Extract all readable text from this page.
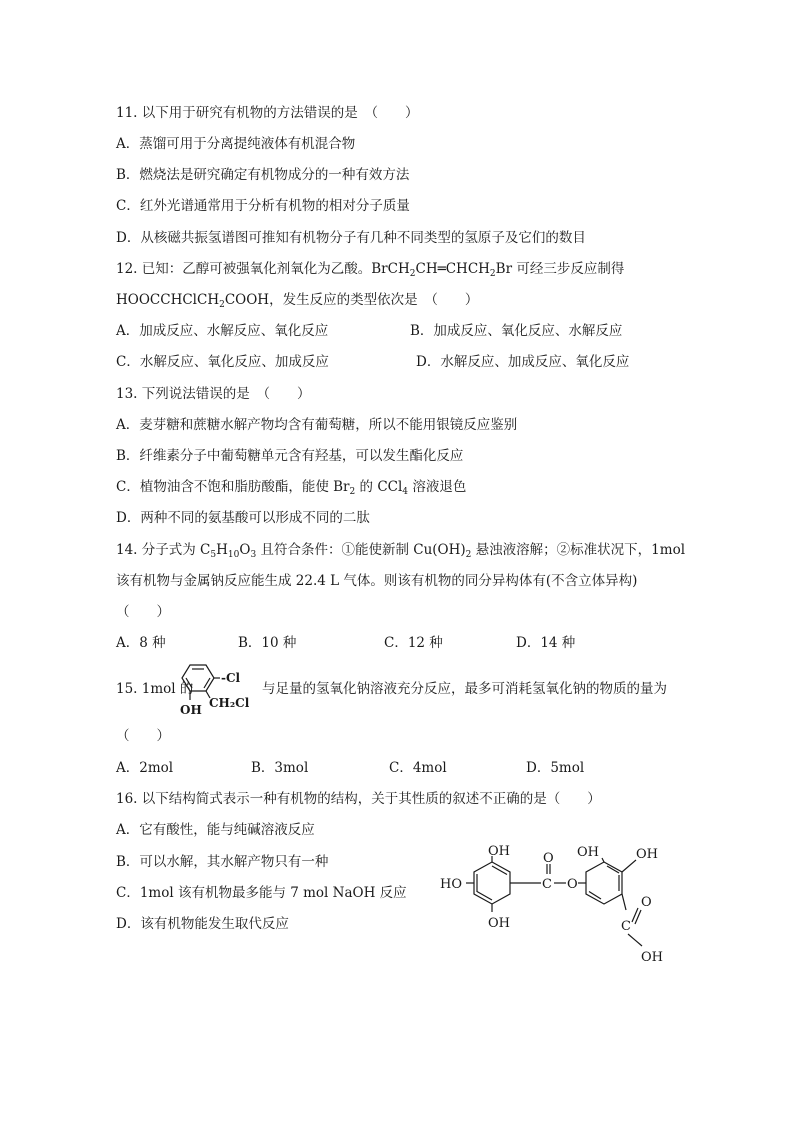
11. 以下用于研究有机物的方法错误的是　（　　）
A．蒸馏可用于分离提纯液体有机混合物
B．燃烧法是研究确定有机物成分的一种有效方法
C．红外光谱通常用于分析有机物的相对分子质量
D．从核磁共振氢谱图可推知有机物分子有几种不同类型的氢原子及它们的数目
12. 已知：乙醇可被强氧化剂氧化为乙酸。$BrCH_2CH═CHCH_2Br$ 可经三步反应制得
HOOCCHClCH$_2$COOH，发生反应的类型依次是　（　　）
A．加成反应、水解反应、氧化反应	B．加成反应、氧化反应、水解反应
C．水解反应、氧化反应、加成反应	D．水解反应、加成反应、氧化反应
13. 下列说法错误的是　（　　）
A．麦芽糖和蔗糖水解产物均含有葡萄糖，所以不能用银镜反应鉴别
B．纤维素分子中葡萄糖单元含有羟基，可以发生酯化反应
C．植物油含不饱和脂肪酸酯，能使 $Br_2$ 的 CCl$_4$ 溶液退色
D．两种不同的氨基酸可以形成不同的二肽
14. 分子式为 $C_5H_{10}O_3$ 且符合条件：①能使新制 $Cu(OH)_2$ 悬浊液溶解；②标准状况下，1mol
该有机物与金属钠反应能生成 22.4 L 气体。则该有机物的同分异构体有(不含立体异构)
（　　）
A．8 种	B．10 种	C．12 种	D．14 种
15. 1mol 的
-Cl
CH₂Cl
OH
与足量的氢氧化钠溶液充分反应，最多可消耗氢氧化钠的物质的量为
（　　）
A．2mol	B．3mol	C．4mol	D．5mol
16. 以下结构简式表示一种有机物的结构，关于其性质的叙述不正确的是（　　）
A．它有酸性，能与纯碱溶液反应
B．可以水解，其水解产物只有一种
C．1mol 该有机物最多能与 7 mol NaOH 反应
D．该有机物能发生取代反应
OH
HO
OH
O
C O
OH	OH
O
C
OH
